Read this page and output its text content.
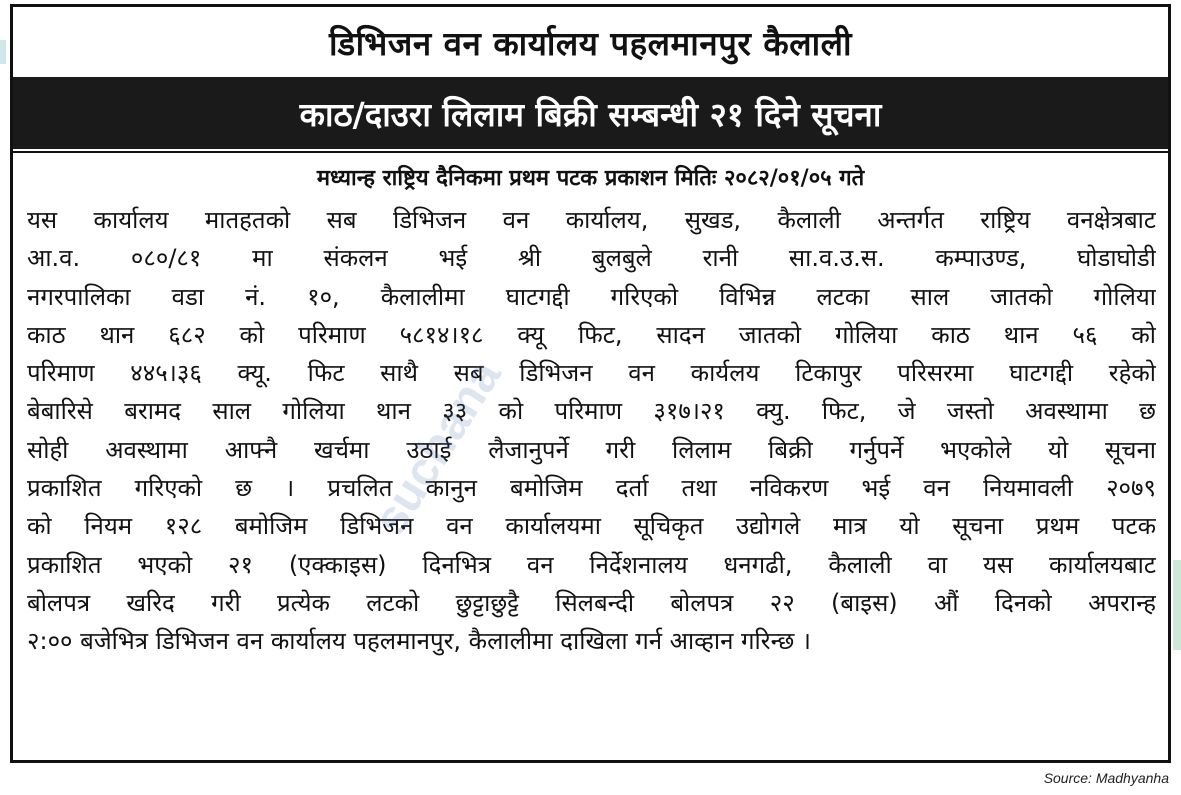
डिभिजन वन कार्यालय पहलमानपुर कैलाली
काठ/दाउरा लिलाम बिक्री सम्बन्धी २१ दिने सूचना
मध्यान्ह राष्ट्रिय दैनिकमा प्रथम पटक प्रकाशन मितिः २०८२/०१/०५ गते
यस कार्यालय मातहतको सब डिभिजन वन कार्यालय, सुखड, कैलाली अन्तर्गत राष्ट्रिय वनक्षेत्रबाट
आ.व. ०८०/८१ मा संकलन भई श्री बुलबुले रानी सा.व.उ.स. कम्पाउण्ड, घोडाघोडी
नगरपालिका वडा नं. १०, कैलालीमा घाटगद्दी गरिएको विभिन्न लटका साल जातको गोलिया
काठ थान ६८२ को परिमाण ५८१४।१८ क्यू फिट, सादन जातको गोलिया काठ थान ५६ को
परिमाण ४४५।३६ क्यू. फिट साथै सब डिभिजन वन कार्यलय टिकापुर परिसरमा घाटगद्दी रहेको
बेबारिसे बरामद साल गोलिया थान ३३ को परिमाण ३१७।२१ क्यु. फिट, जे जस्तो अवस्थामा छ
सोही अवस्थामा आफ्नै खर्चमा उठाई लैजानुपर्ने गरी लिलाम बिक्री गर्नुपर्ने भएकोले यो सूचना
प्रकाशित गरिएको छ । प्रचलित कानुन बमोजिम दर्ता तथा नविकरण भई वन नियमावली २०७९
को नियम १२८ बमोजिम डिभिजन वन कार्यालयमा सूचिकृत उद्योगले मात्र यो सूचना प्रथम पटक
प्रकाशित भएको २१ (एक्काइस) दिनभित्र वन निर्देशनालय धनगढी, कैलाली वा यस कार्यालयबाट
बोलपत्र खरिद गरी प्रत्येक लटको छुट्टाछुट्टै सिलबन्दी बोलपत्र २२ (बाइस) औं दिनको अपरान्ह
२:०० बजेभित्र डिभिजन वन कार्यालय पहलमानपुर, कैलालीमा दाखिला गर्न आव्हान गरिन्छ ।
Source: Madhyanha
